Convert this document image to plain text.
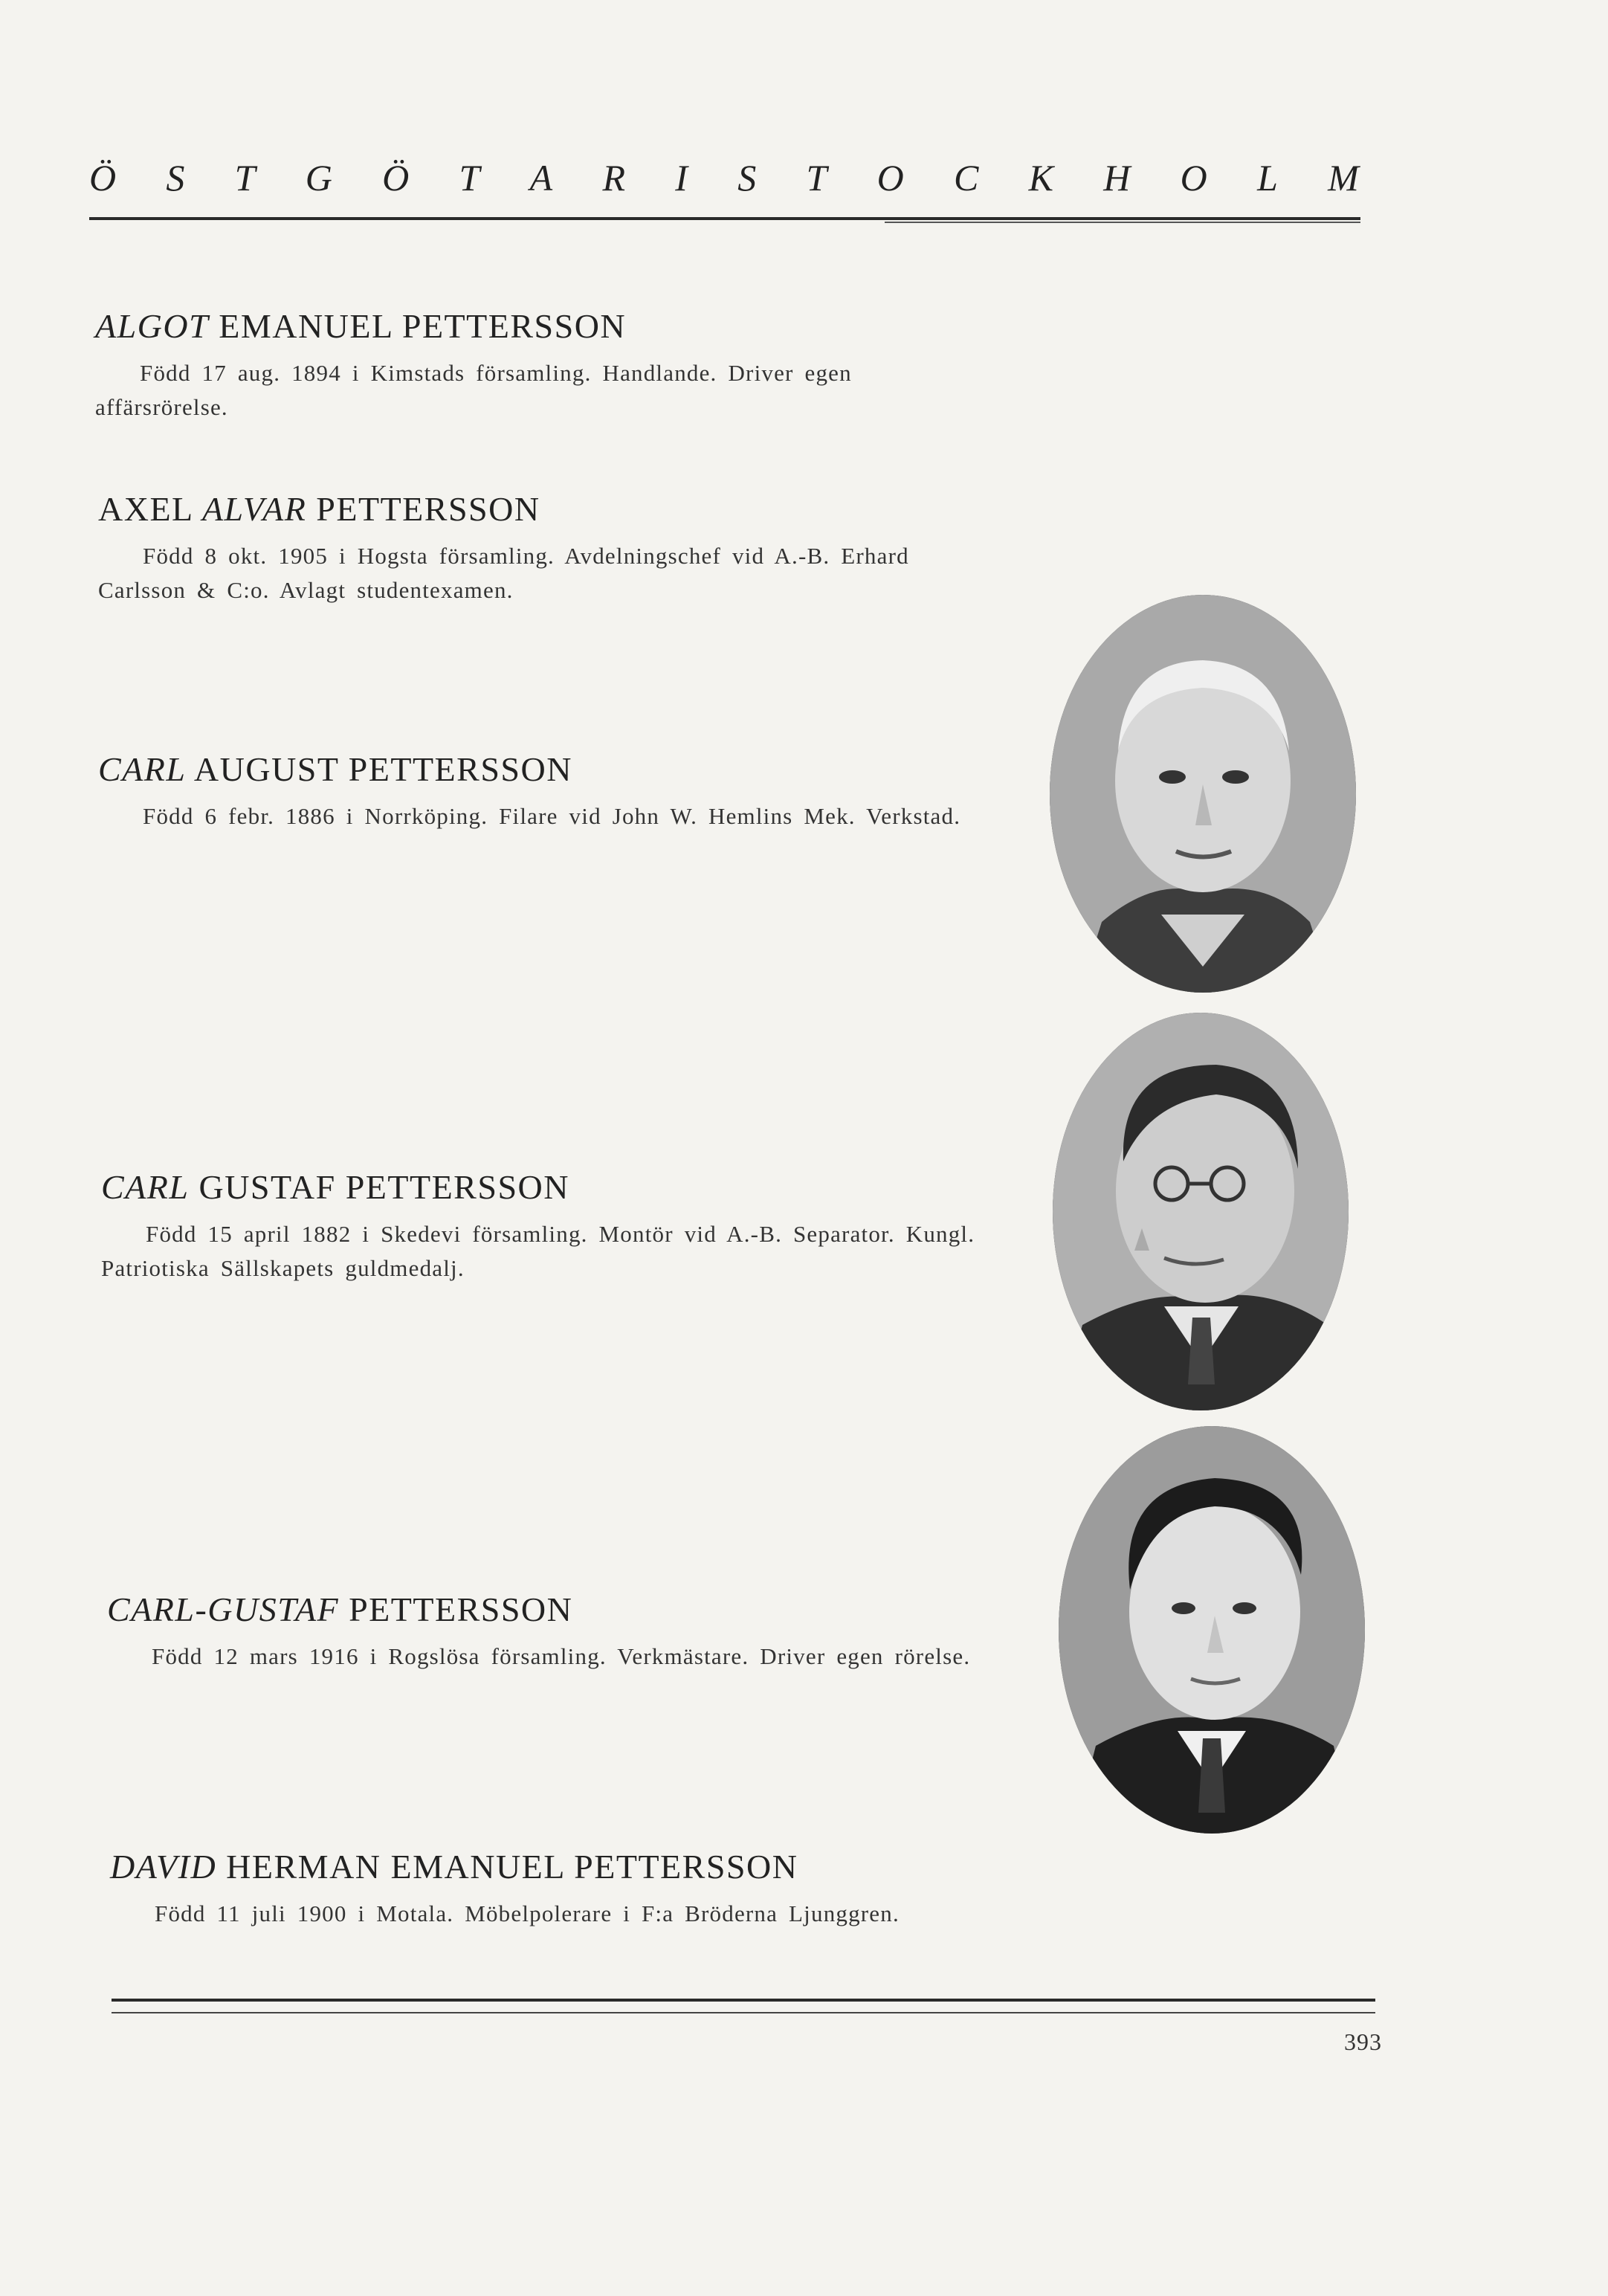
Ö S T G Ö T A R I S T O C K H O L M
ALGOT EMANUEL PETTERSSON
Född 17 aug. 1894 i Kimstads församling. Handlande. Driver egen affärsrörelse.
AXEL ALVAR PETTERSSON
Född 8 okt. 1905 i Hogsta församling. Avdelningschef vid A.-B. Erhard Carlsson & C:o. Avlagt studentexamen.
CARL AUGUST PETTERSSON
Född 6 febr. 1886 i Norrköping. Filare vid John W. Hemlins Mek. Verkstad.
CARL GUSTAF PETTERSSON
Född 15 april 1882 i Skedevi församling. Montör vid A.-B. Separator. Kungl. Patriotiska Sällskapets guldmedalj.
CARL-GUSTAF PETTERSSON
Född 12 mars 1916 i Rogslösa församling. Verkmästare. Driver egen rörelse.
DAVID HERMAN EMANUEL PETTERSSON
Född 11 juli 1900 i Motala. Möbelpolerare i F:a Bröderna Ljunggren.
393
